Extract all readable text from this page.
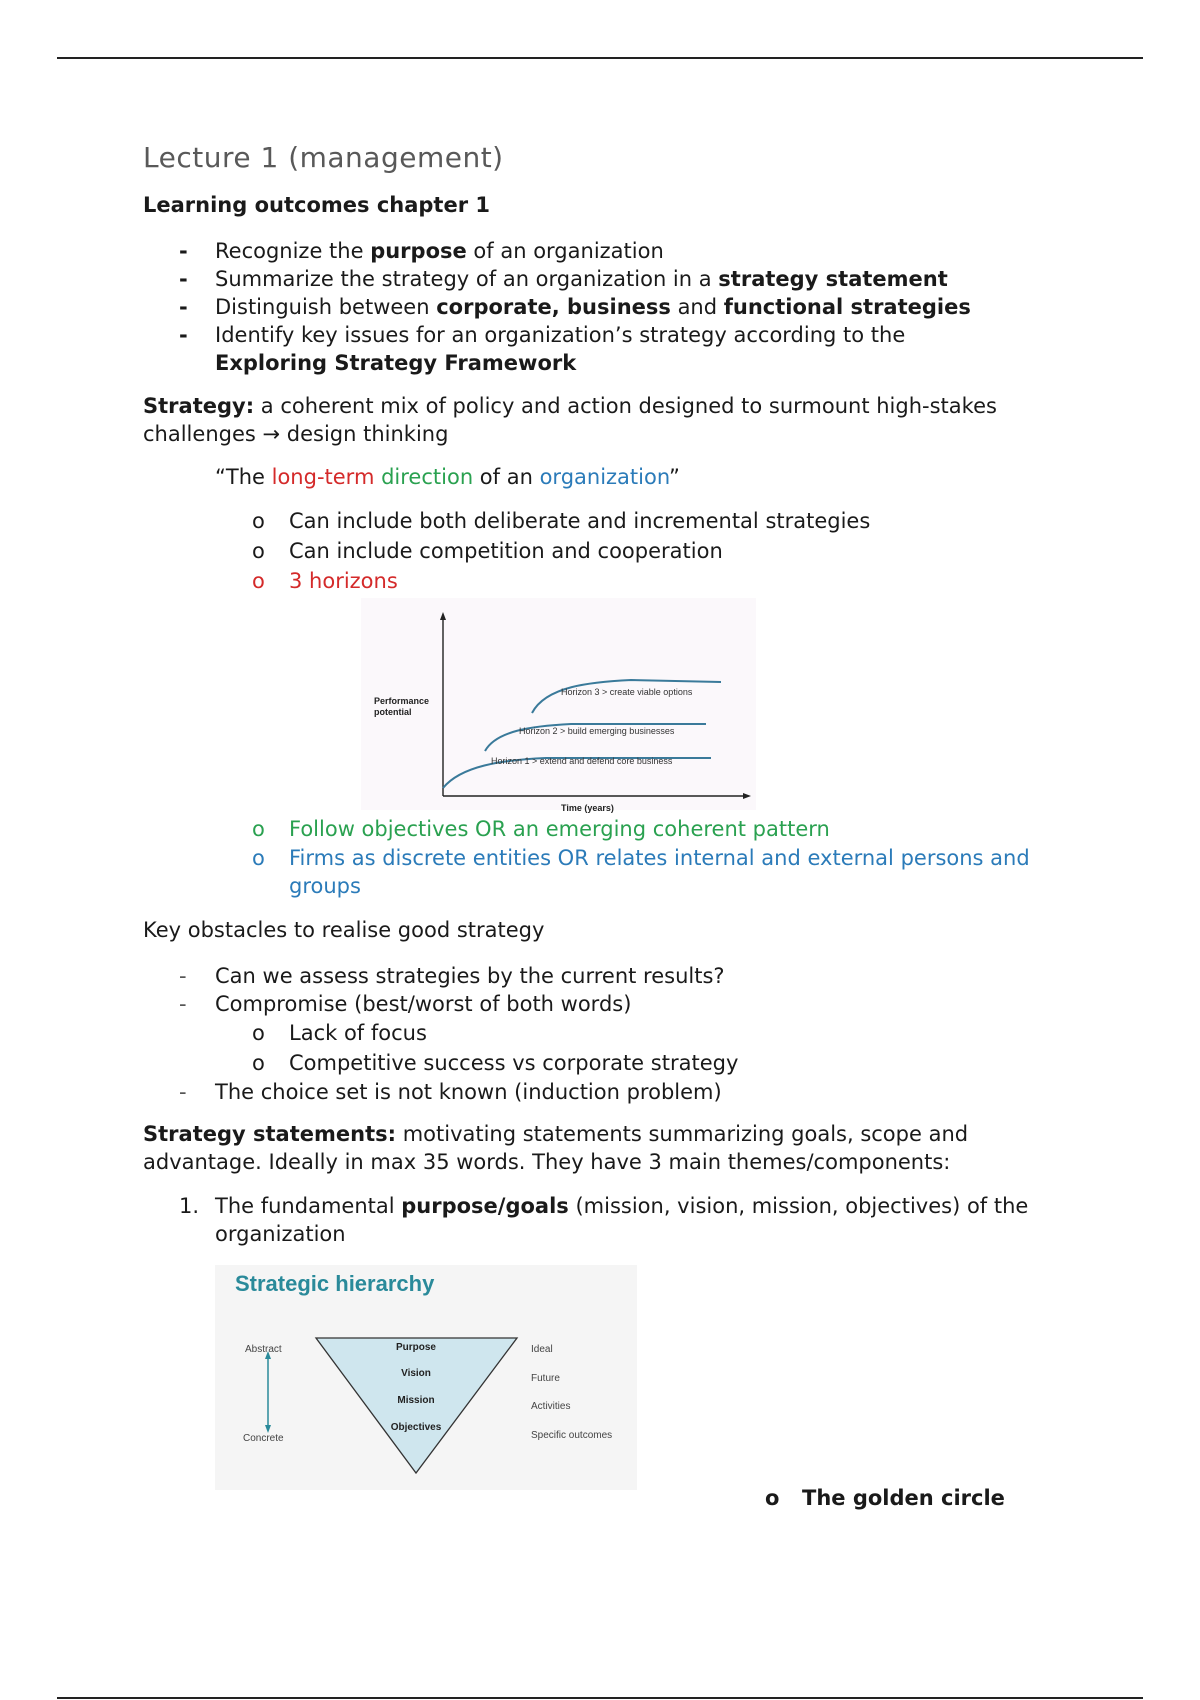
Lecture 1 (management)
Learning outcomes chapter 1
- Recognize the purpose of an organization
- Summarize the strategy of an organization in a strategy statement
- Distinguish between corporate, business and functional strategies
- Identify key issues for an organization’s strategy according to the
Exploring Strategy Framework
Strategy: a coherent mix of policy and action designed to surmount high-stakes challenges → design thinking
“The long-term direction of an organization”
o Can include both deliberate and incremental strategies
o Can include competition and cooperation
o 3 horizons
Performance potential
Horizon 3 > create viable options
Horizon 2 > build emerging businesses
Horizon 1 > extend and defend core business
Time (years)
o Follow objectives OR an emerging coherent pattern
o Firms as discrete entities OR relates internal and external persons and groups
Key obstacles to realise good strategy
- Can we assess strategies by the current results?
- Compromise (best/worst of both words)
o Lack of focus
o Competitive success vs corporate strategy
- The choice set is not known (induction problem)
Strategy statements: motivating statements summarizing goals, scope and advantage. Ideally in max 35 words. They have 3 main themes/components:
1. The fundamental purpose/goals (mission, vision, mission, objectives) of the organization
Strategic hierarchy
Abstract
Concrete
Purpose
Vision
Mission
Objectives
Ideal
Future
Activities
Specific outcomes
o The golden circle
